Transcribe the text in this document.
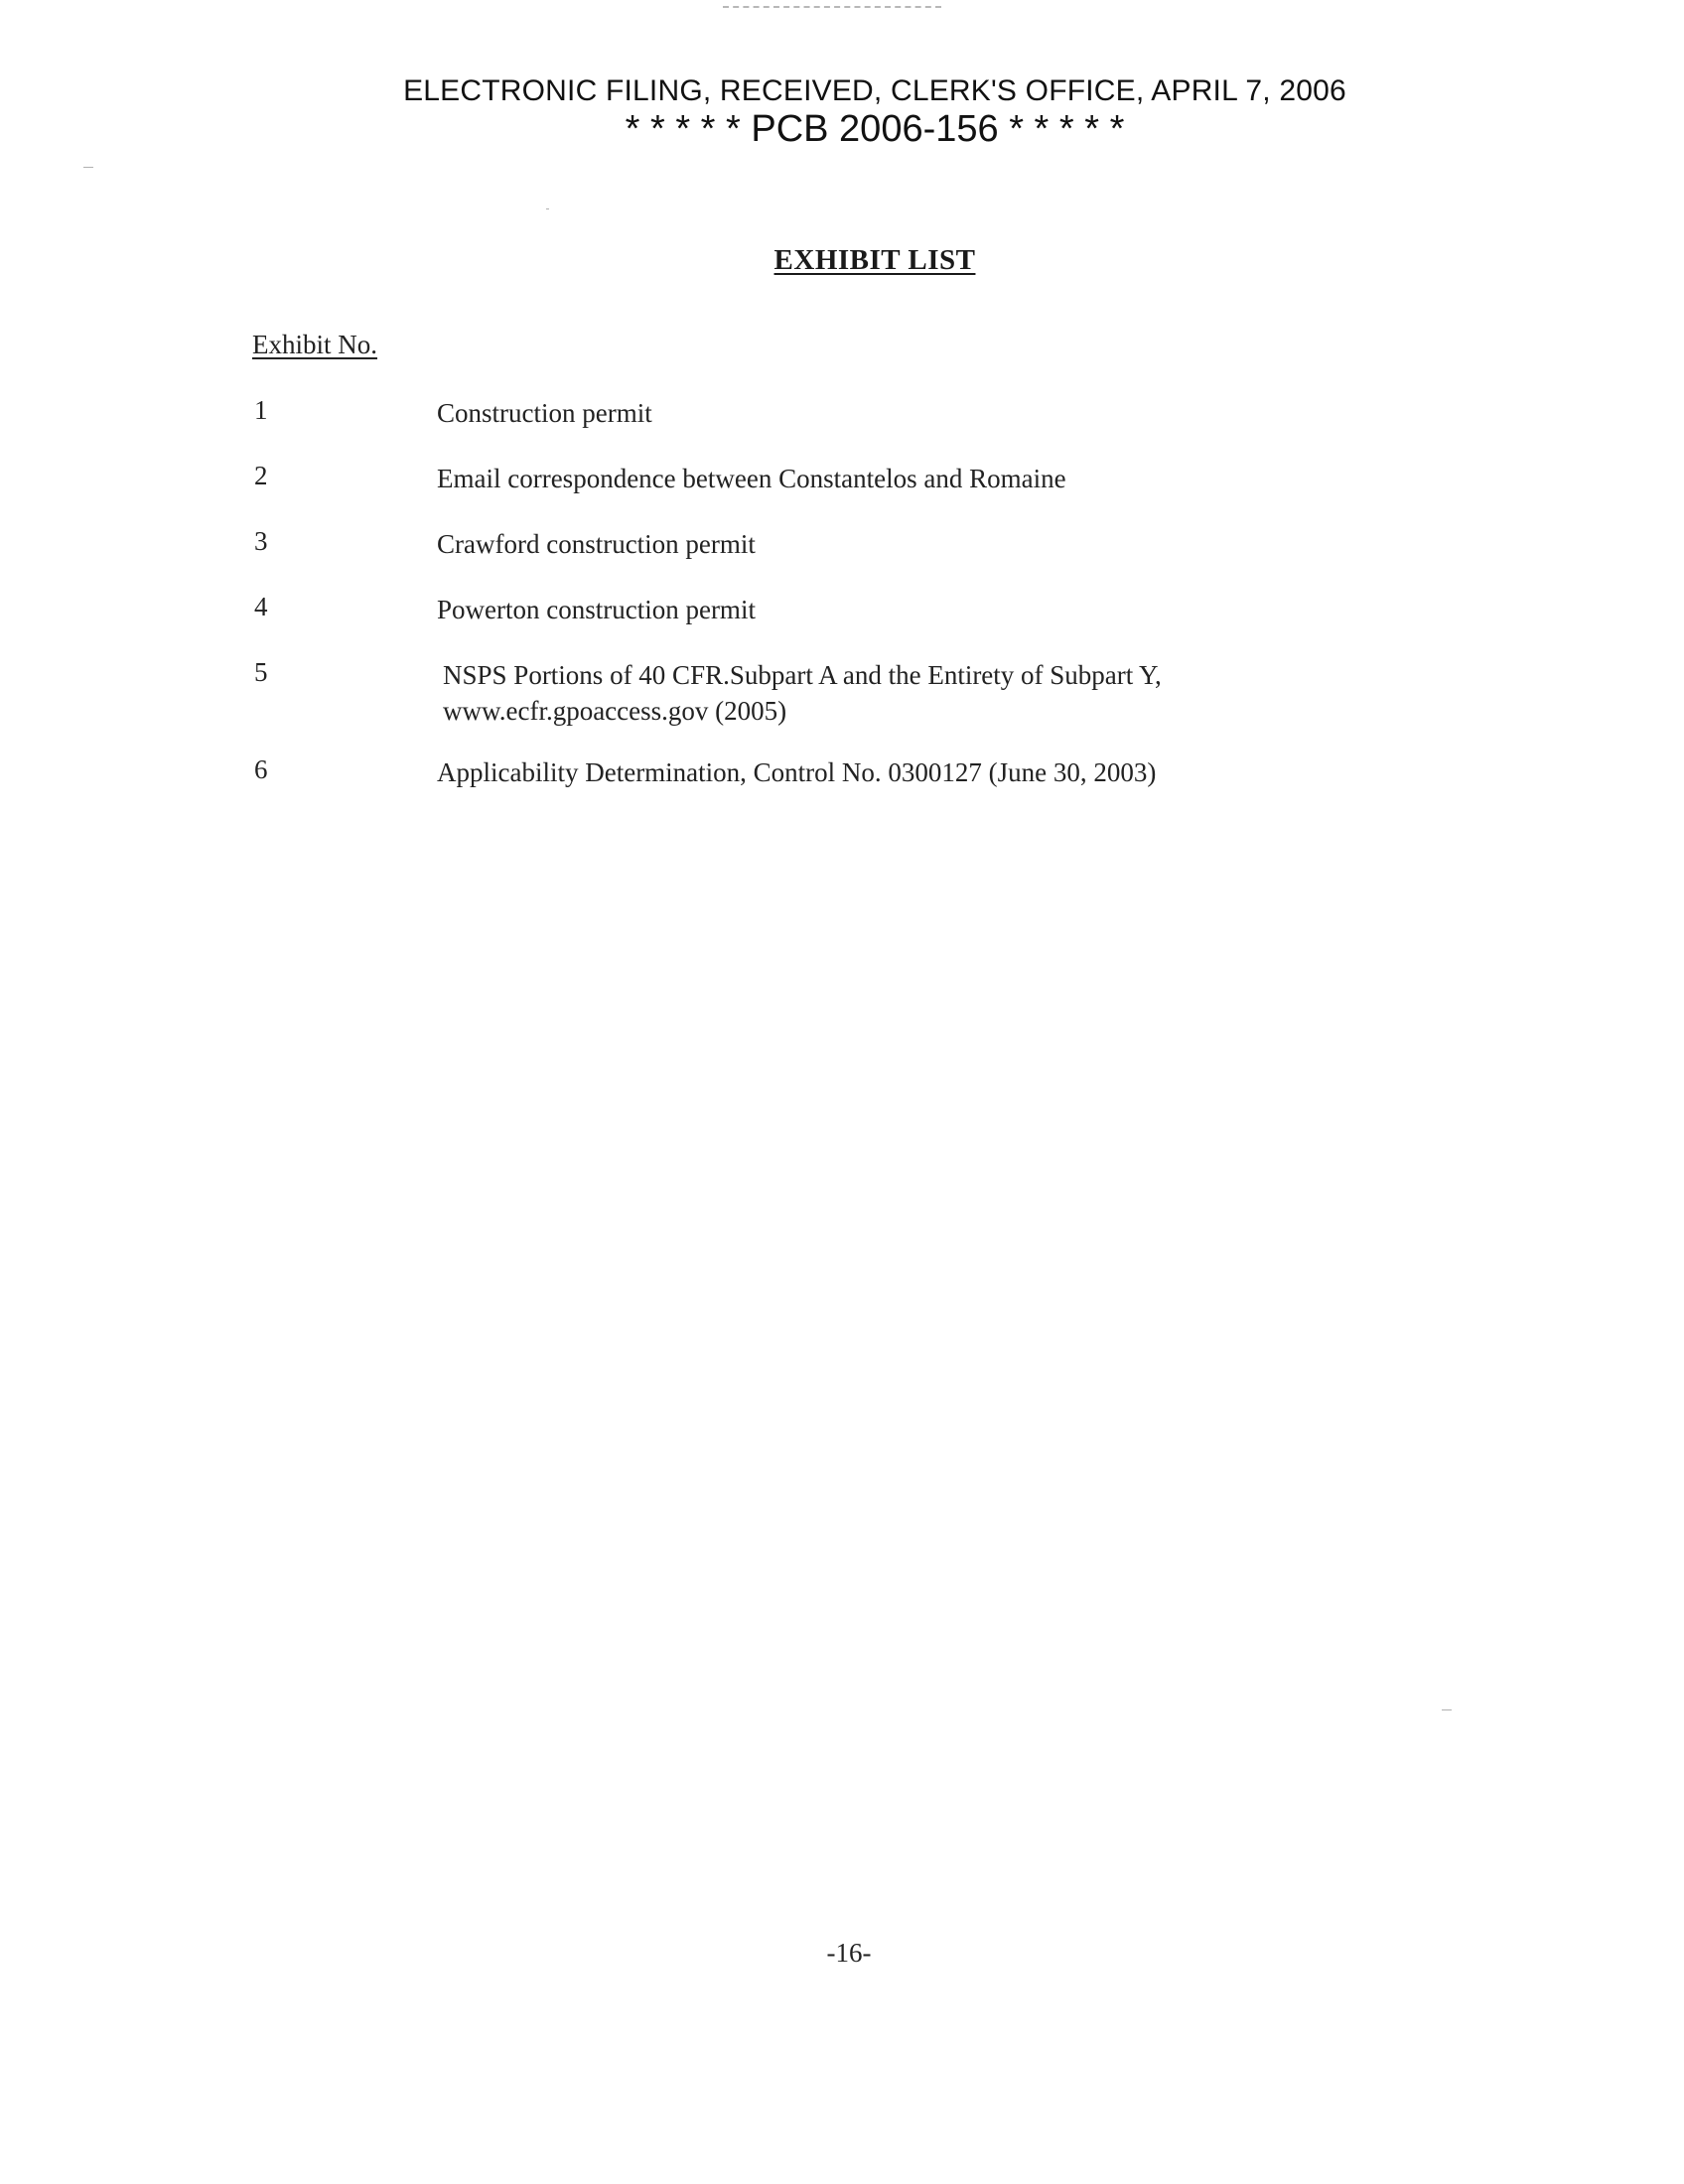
ELECTRONIC FILING, RECEIVED, CLERK'S OFFICE, APRIL 7, 2006
* * * * * PCB 2006-156 * * * * *
EXHIBIT LIST
Exhibit No.
1	Construction permit
2	Email correspondence between Constantelos and Romaine
3	Crawford construction permit
4	Powerton construction permit
5	NSPS Portions of 40 CFR.Subpart A and the Entirety of Subpart Y,
www.ecfr.gpoaccess.gov (2005)
6	Applicability Determination, Control No. 0300127 (June 30, 2003)
-16-
